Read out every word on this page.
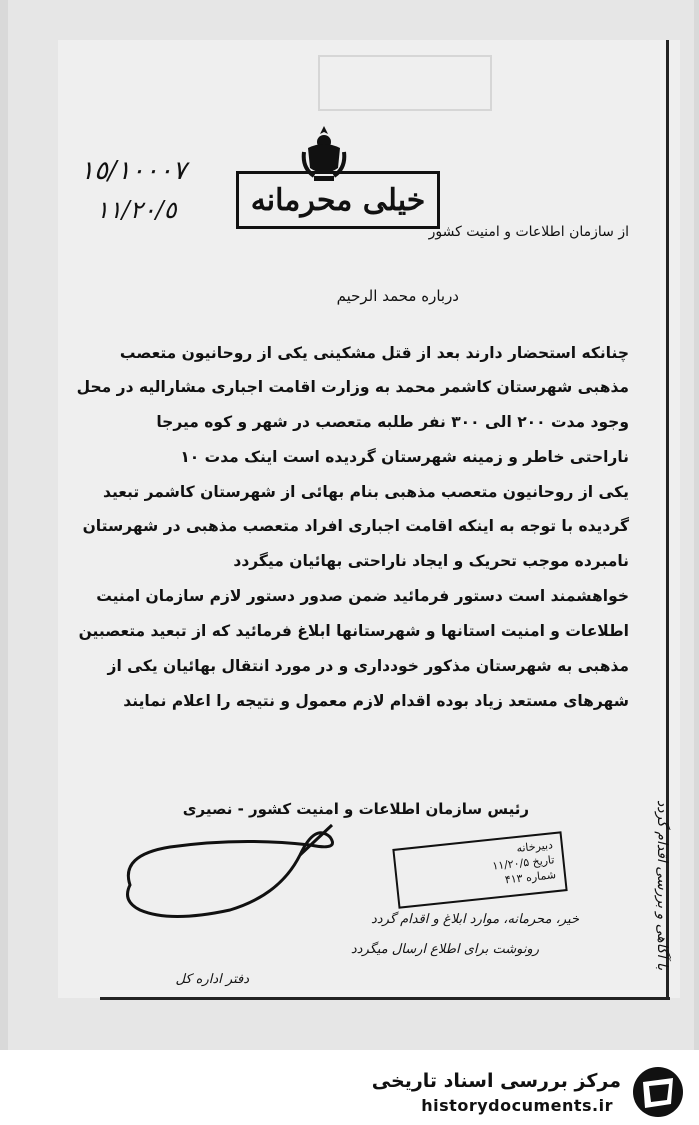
١٥/١٠٠٠٧
١١/٢٠/٥	خیلی محرمانه
از سازمان اطلاعات و امنیت کشور
درباره محمد الرحیم
چنانکه استحضار دارند بعد از قتل مشکینی یکی از روحانیون متعصب
مذهبی شهرستان کاشمر محمد به وزارت اقامت اجباری مشارالیه در محل
وجود مدت ۲۰۰ الی ۳۰۰ نفر طلبه متعصب در شهر و کوه میرجا
ناراحتی خاطر و زمینه شهرستان گردیده است اینک مدت ۱۰
یکی از روحانیون متعصب مذهبی بنام بهائی از شهرستان کاشمر تبعید
گردیده با توجه به اینکه اقامت اجباری افراد متعصب مذهبی در شهرستان
نامبرده موجب تحریک و ایجاد ناراحتی بهائیان میگردد
خواهشمند است دستور فرمائید ضمن صدور دستور لازم سازمان امنیت
اطلاعات و امنیت استانها و شهرستانها ابلاغ فرمائید که از تبعید متعصبین
مذهبی به شهرستان مذکور خودداری و در مورد انتقال بهائیان یکی از
شهرهای مستعد زیاد بوده اقدام لازم معمول و نتیجه را اعلام نمایند
رئیس سازمان اطلاعات و امنیت کشور - نصیری
دبیرخانه
تاریخ ۱۱/۲۰/۵
شماره ۴۱۳	با آگاهی و بررسی اقدام گردد
خیر، محرمانه، موارد ابلاغ و اقدام گردد
رونوشت برای اطلاع ارسال میگردد
دفتر اداره کل
مرکز بررسی اسناد تاریخی
historydocuments.ir
